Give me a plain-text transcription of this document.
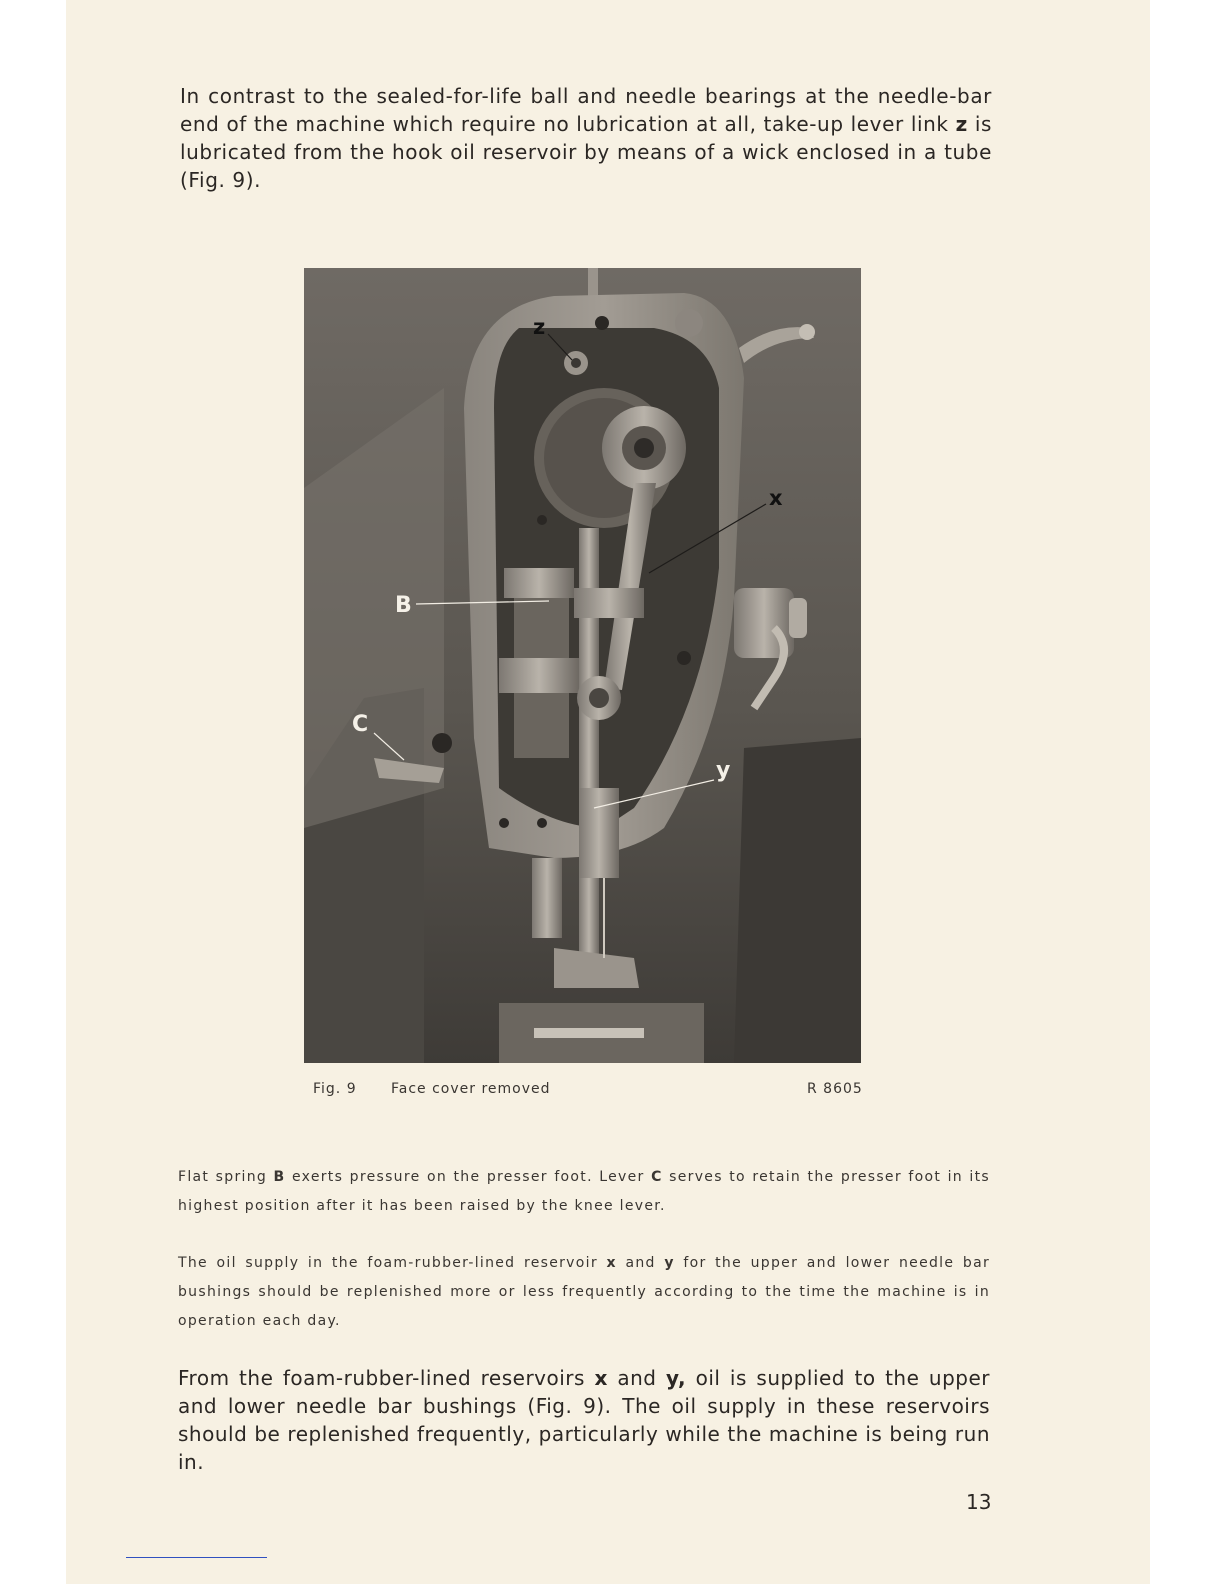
In contrast to the sealed-for-life ball and needle bearings at the needle-bar end of the machine which require no lubrication at all, take-up lever link z is lubricated from the hook oil reservoir by means of a wick enclosed in a tube (Fig. 9).

z
x
B
C
y
Fig. 9 Face cover removed	R 8605

Flat spring B exerts pressure on the presser foot. Lever C serves to retain the presser foot in its highest position after it has been raised by the knee lever.

The oil supply in the foam-rubber-lined reservoir x and y for the upper and lower needle bar bushings should be replenished more or less frequently according to the time the machine is in operation each day.

From the foam-rubber-lined reservoirs x and y, oil is supplied to the upper and lower needle bar bushings (Fig. 9). The oil supply in these reservoirs should be replenished frequently, particularly while the machine is being run in.

13
